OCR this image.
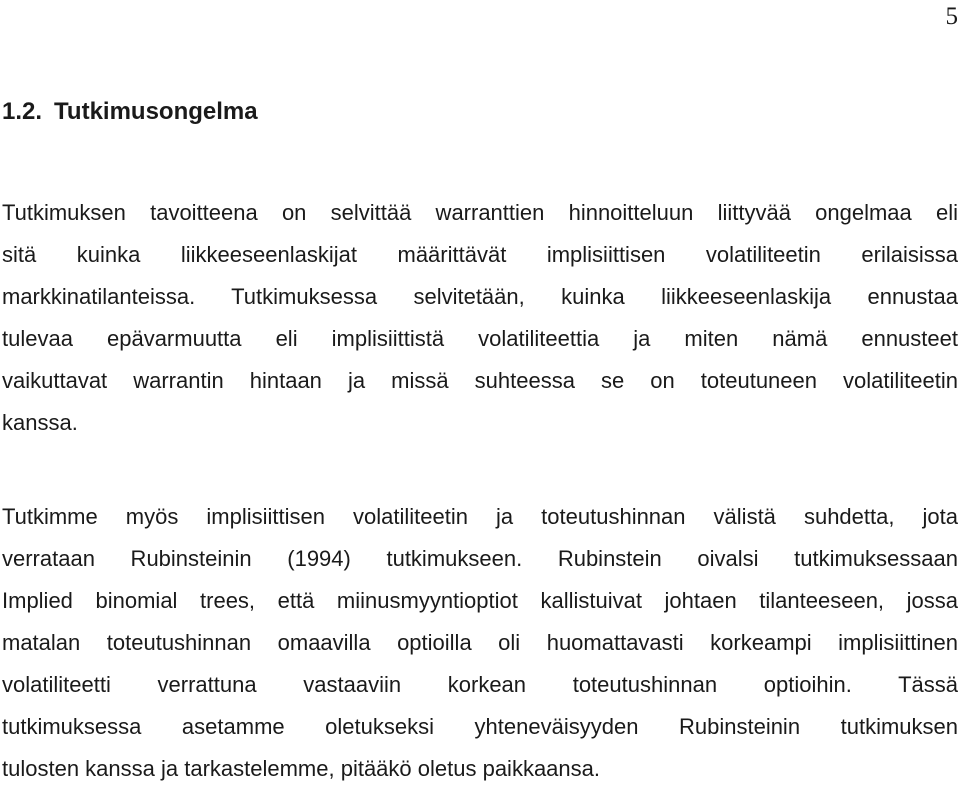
5
1.2. Tutkimusongelma

Tutkimuksen tavoitteena on selvittää warranttien hinnoitteluun liittyvää ongelmaa eli
sitä kuinka liikkeeseenlaskijat määrittävät implisiittisen volatiliteetin erilaisissa
markkinatilanteissa. Tutkimuksessa selvitetään, kuinka liikkeeseenlaskija ennustaa
tulevaa epävarmuutta eli implisiittistä volatiliteettia ja miten nämä ennusteet
vaikuttavat warrantin hintaan ja missä suhteessa se on toteutuneen volatiliteetin
kanssa.

Tutkimme myös implisiittisen volatiliteetin ja toteutushinnan välistä suhdetta, jota
verrataan Rubinsteinin (1994) tutkimukseen. Rubinstein oivalsi tutkimuksessaan
Implied binomial trees, että miinusmyyntioptiot kallistuivat johtaen tilanteeseen, jossa
matalan toteutushinnan omaavilla optioilla oli huomattavasti korkeampi implisiittinen
volatiliteetti verrattuna vastaaviin korkean toteutushinnan optioihin. Tässä
tutkimuksessa asetamme oletukseksi yhteneväisyyden Rubinsteinin tutkimuksen
tulosten kanssa ja tarkastelemme, pitääkö oletus paikkaansa.
